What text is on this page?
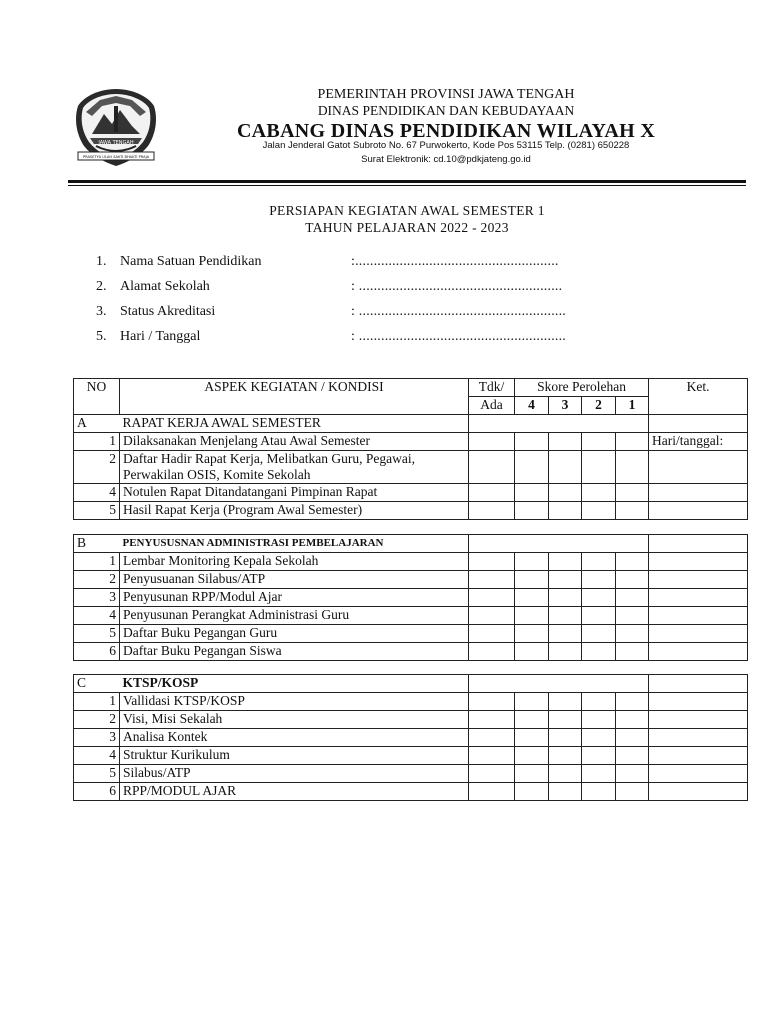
JAWA TENGAH
PRASETYA ULAH SAKTI BHAKTI PRAJA
PEMERINTAH PROVINSI JAWA TENGAH
DINAS PENDIDIKAN DAN KEBUDAYAAN
CABANG DINAS PENDIDIKAN WILAYAH X
Jalan Jenderal Gatot Subroto No. 67 Purwokerto, Kode Pos 53115 Telp. (0281) 650228
Surat Elektronik: cd.10@pdkjateng.go.id
PERSIAPAN KEGIATAN AWAL SEMESTER 1
TAHUN PELAJARAN 2022 - 2023
1. Nama Satuan Pendidikan	:.......................................................
2. Alamat Sekolah	: .......................................................
3. Status Akreditasi	: ........................................................
5. Hari / Tanggal	: ........................................................
NO	ASPEK KEGIATAN / KONDISI	Tdk/	Skore Perolehan				Ket.
		Ada	4	3	2	1	
A	RAPAT KERJA AWAL SEMESTER						
1	Dilaksanakan Menjelang Atau Awal Semester						Hari/tanggal:
2	Daftar Hadir Rapat Kerja, Melibatkan Guru, Pegawai,
Perwakilan OSIS, Komite Sekolah						

4	Notulen Rapat Ditandatangani Pimpinan Rapat						
5	Hasil Rapat Kerja (Program Awal Semester)						
B	PENYUSUSNAN ADMINISTRASI PEMBELAJARAN						
1	Lembar Monitoring Kepala Sekolah						
2	Penyusuanan Silabus/ATP						
3	Penyusunan RPP/Modul Ajar						
4	Penyusunan Perangkat Administrasi Guru						
5	Daftar Buku Pegangan Guru						
6	Daftar Buku Pegangan Siswa						
C	KTSP/KOSP						
1	Vallidasi KTSP/KOSP						
2	Visi, Misi Sekalah						
3	Analisa Kontek						
4	Struktur Kurikulum						
5	Silabus/ATP						
6	RPP/MODUL AJAR						
